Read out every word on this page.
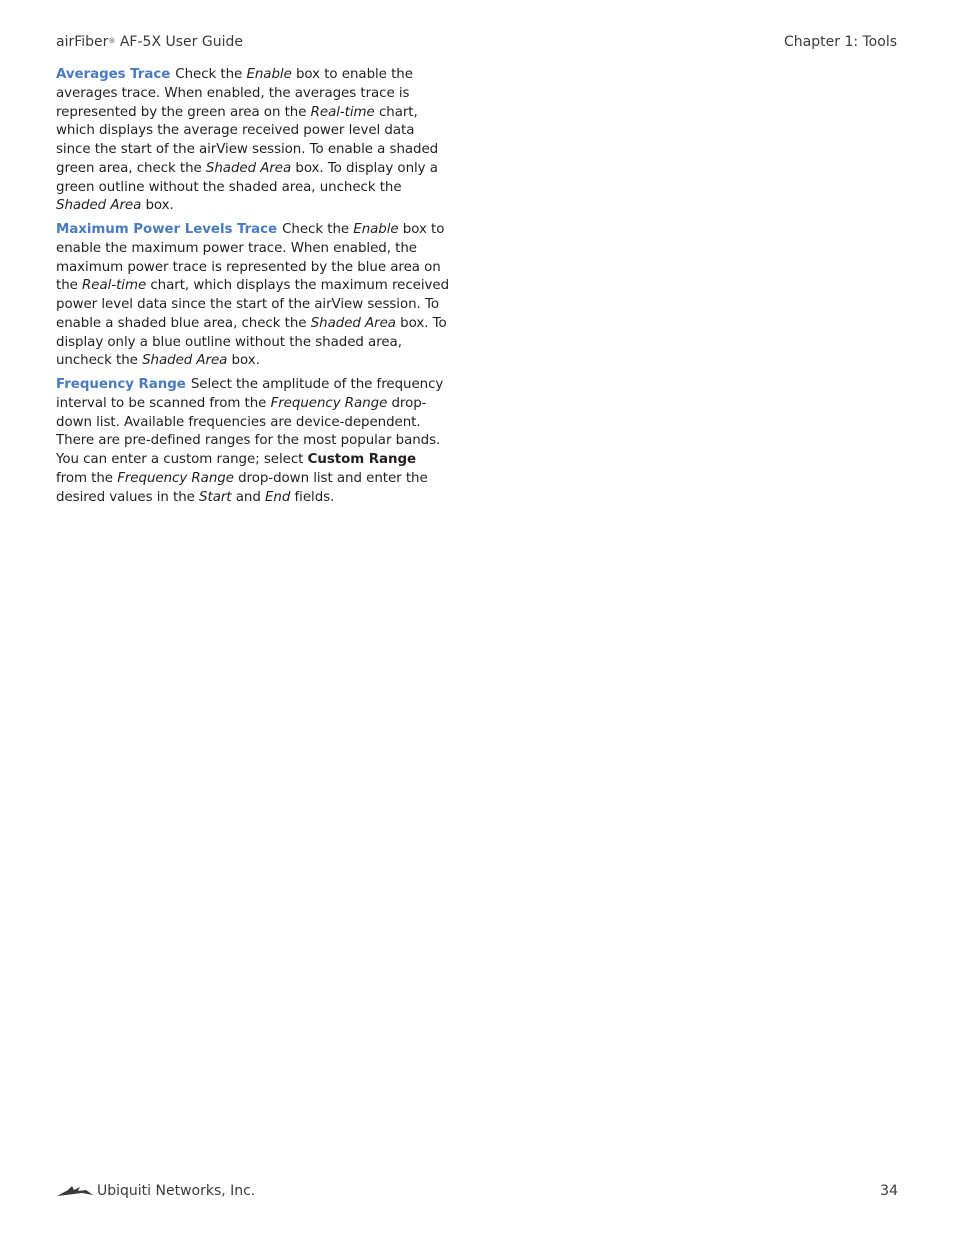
airFiber® AF-5X User Guide	Chapter 1: Tools

Averages Trace Check the Enable box to enable the averages trace. When enabled, the averages trace is represented by the green area on the Real-time chart, which displays the average received power level data since the start of the airView session. To enable a shaded green area, check the Shaded Area box. To display only a green outline without the shaded area, uncheck the Shaded Area box.

Maximum Power Levels Trace Check the Enable box to enable the maximum power trace. When enabled, the maximum power trace is represented by the blue area on the Real-time chart, which displays the maximum received power level data since the start of the airView session. To enable a shaded blue area, check the Shaded Area box. To display only a blue outline without the shaded area, uncheck the Shaded Area box.

Frequency Range Select the amplitude of the frequency interval to be scanned from the Frequency Range drop-down list. Available frequencies are device-dependent. There are pre-defined ranges for the most popular bands. You can enter a custom range; select Custom Range from the Frequency Range drop-down list and enter the desired values in the Start and End fields.

Ubiquiti Networks, Inc.	34
